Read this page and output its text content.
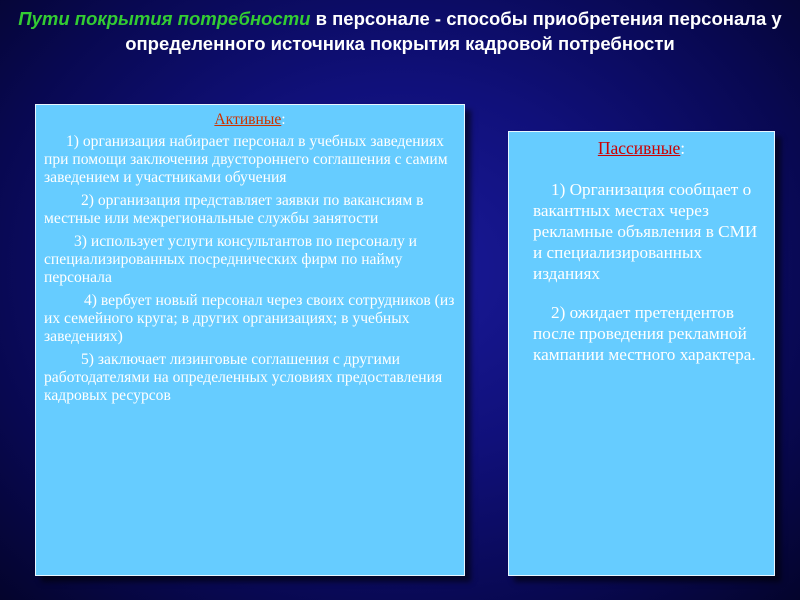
Пути покрытия потребности в персонале - способы приобретения персонала у определенного источника покрытия кадровой потребности
Активные:
1) организация набирает персонал в учебных заведениях при помощи заключения двустороннего соглашения с самим заведением и участниками обучения
2) организация представляет заявки по вакансиям в местные или межрегиональные службы занятости
3) использует услуги консультантов по персоналу и специализированных посреднических фирм по найму персонала
4) вербует новый персонал через своих сотрудников (из их семейного круга; в других организациях; в учебных заведениях)
5) заключает лизинговые соглашения с другими работодателями на определенных условиях предоставления кадровых ресурсов
Пассивные:
1) Организация сообщает о вакантных местах через рекламные объявления в СМИ и специализированных изданиях
2) ожидает претендентов после проведения рекламной кампании местного характера.
